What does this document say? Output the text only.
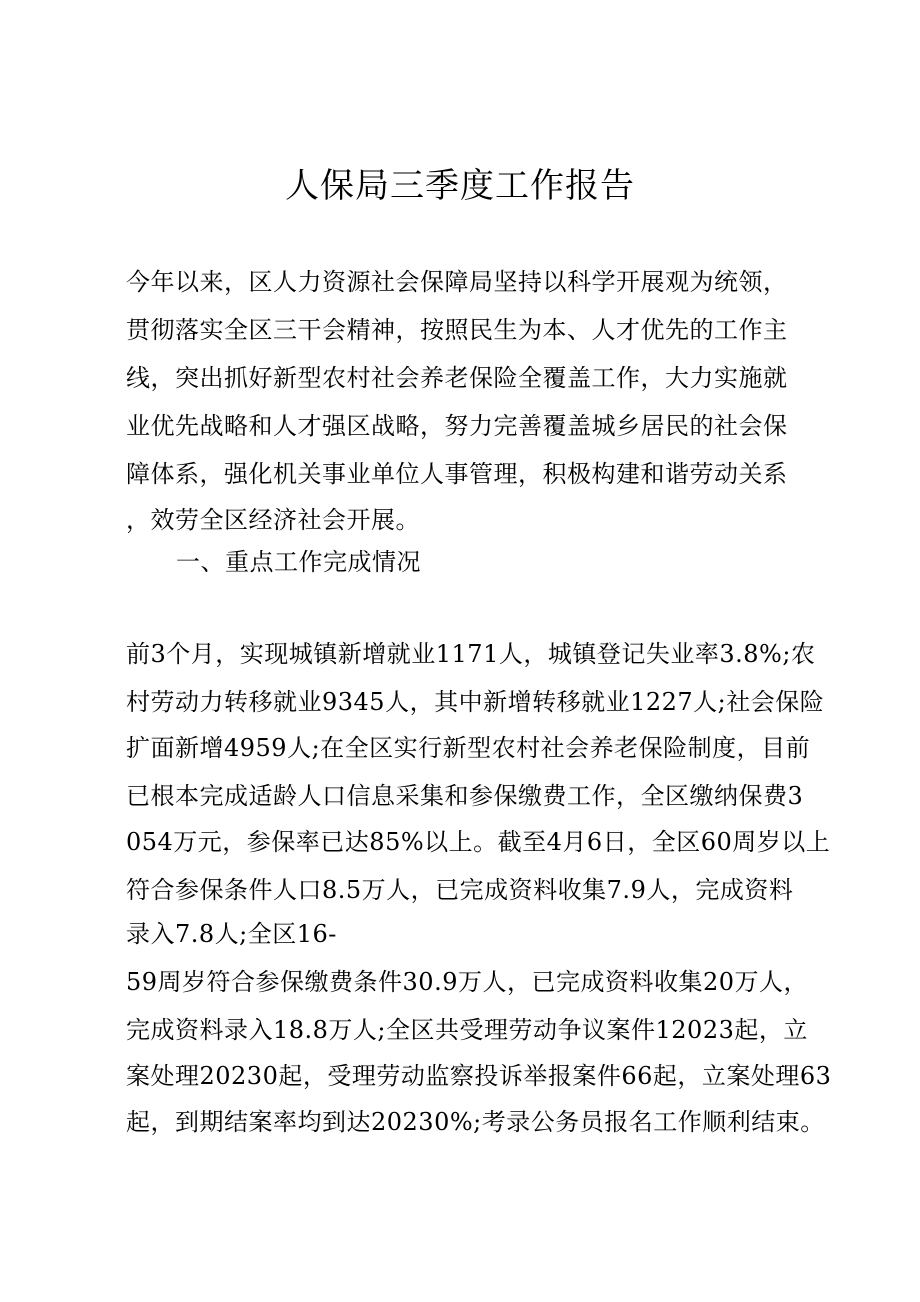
人保局三季度工作报告
今年以来，区人力资源社会保障局坚持以科学开展观为统领，
贯彻落实全区三干会精神，按照民生为本、人才优先的工作主
线，突出抓好新型农村社会养老保险全覆盖工作，大力实施就
业优先战略和人才强区战略，努力完善覆盖城乡居民的社会保
障体系，强化机关事业单位人事管理，积极构建和谐劳动关系
，效劳全区经济社会开展。
一、重点工作完成情况
前3个月，实现城镇新增就业1171人，城镇登记失业率3.8%;农
村劳动力转移就业9345人，其中新增转移就业1227人;社会保险
扩面新增4959人;在全区实行新型农村社会养老保险制度，目前
已根本完成适龄人口信息采集和参保缴费工作，全区缴纳保费3
054万元，参保率已达85%以上。截至4月6日，全区60周岁以上
符合参保条件人口8.5万人，已完成资料收集7.9人，完成资料
录入7.8人;全区16-
59周岁符合参保缴费条件30.9万人，已完成资料收集20万人，
完成资料录入18.8万人;全区共受理劳动争议案件12023起，立
案处理20230起，受理劳动监察投诉举报案件66起，立案处理63
起，到期结案率均到达20230%;考录公务员报名工作顺利结束。
